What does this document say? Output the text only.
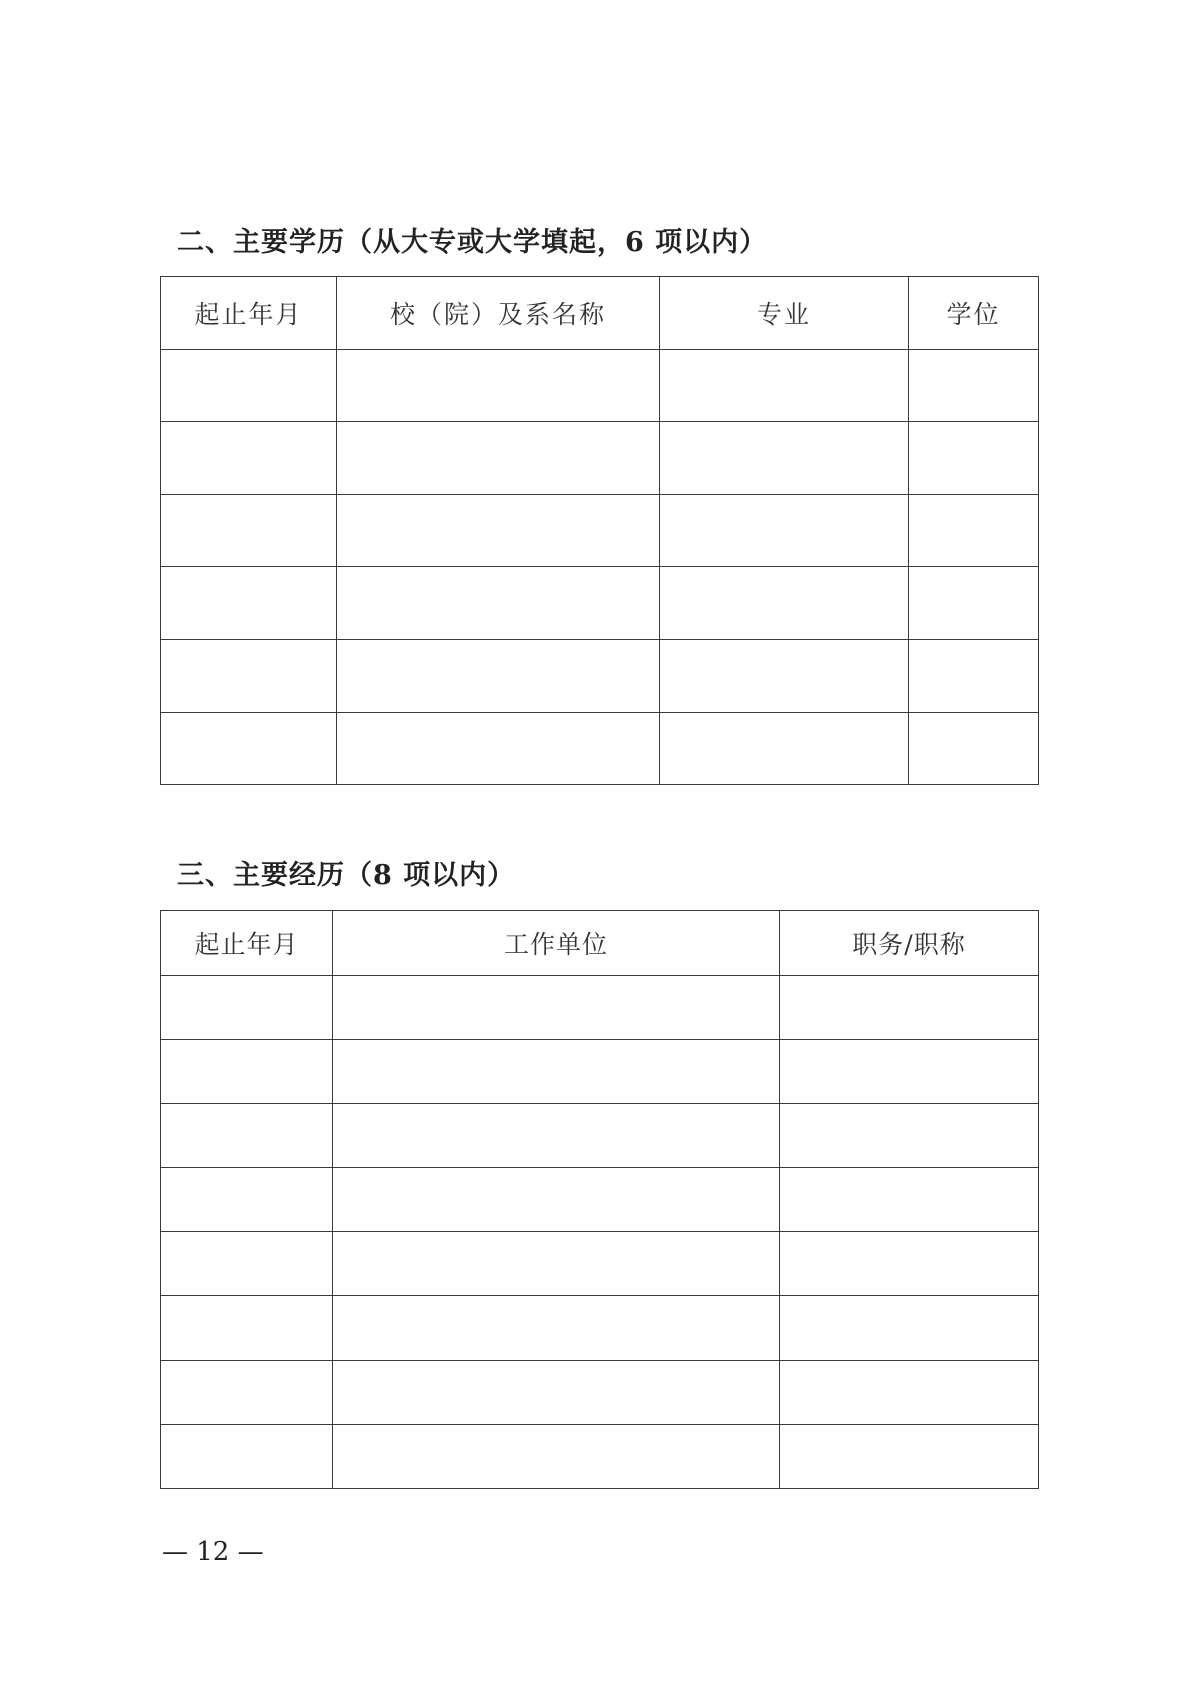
二、主要学历（从大专或大学填起，6 项以内）
起止年月	校（院）及系名称	专业	学位

三、主要经历（8 项以内）
起止年月	工作单位	职务/职称

— 12 —
